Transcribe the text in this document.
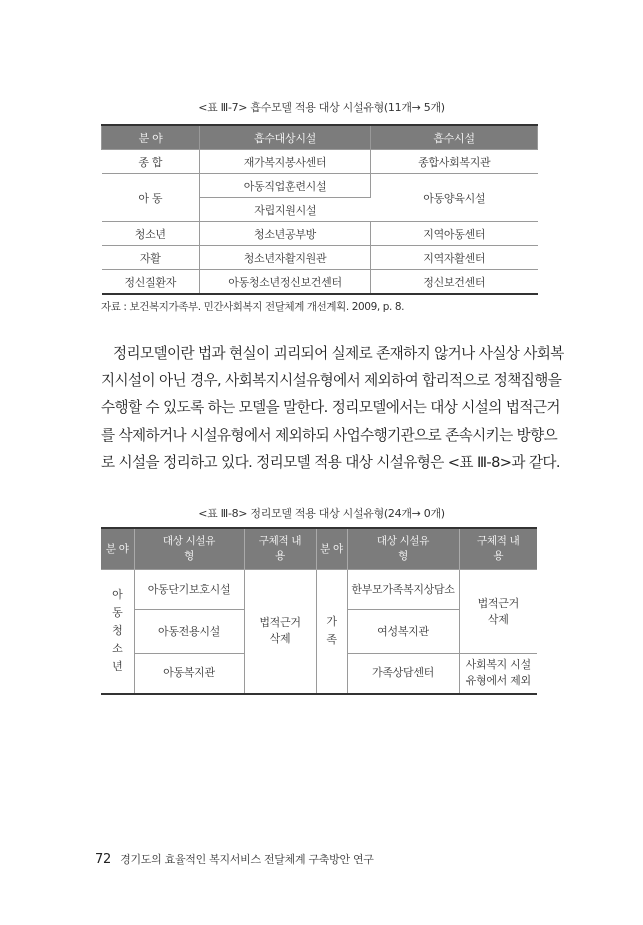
<표 Ⅲ-7> 흡수모델 적용 대상 시설유형(11개→ 5개)
분 야	흡수대상시설	흡수시설
종 합	재가복지봉사센터	종합사회복지관
아 동	아동직업훈련시설	아동양육시설
	자립지원시설	
청소년	청소년공부방	지역아동센터
자활	청소년자활지원관	지역자활센터
정신질환자	아동청소년정신보건센터	정신보건센터
자료 : 보건복지가족부. 민간사회복지 전달체계 개선계획. 2009, p. 8.
정리모델이란 법과 현실이 괴리되어 실제로 존재하지 않거나 사실상 사회복
지시설이 아닌 경우, 사회복지시설유형에서 제외하여 합리적으로 정책집행을
수행할 수 있도록 하는 모델을 말한다. 정리모델에서는 대상 시설의 법적근거
를 삭제하거나 시설유형에서 제외하되 사업수행기관으로 존속시키는 방향으
로 시설을 정리하고 있다. 정리모델 적용 대상 시설유형은 <표 Ⅲ-8>과 같다.
<표 Ⅲ-8> 정리모델 적용 대상 시설유형(24개→ 0개)
분 야	대상 시설유형	구체적 내용	분 야	대상 시설유형	구체적 내용
아 동 청 소 년	아동단기보호시설	법적근거 삭제	가 족	한부모가족복지상담소	법적근거 삭제
	아동전용시설			여성복지관	
	아동복지관			가족상담센터	사회복지 시설유형에서 제외
72 경기도의 효율적인 복지서비스 전달체계 구축방안 연구
